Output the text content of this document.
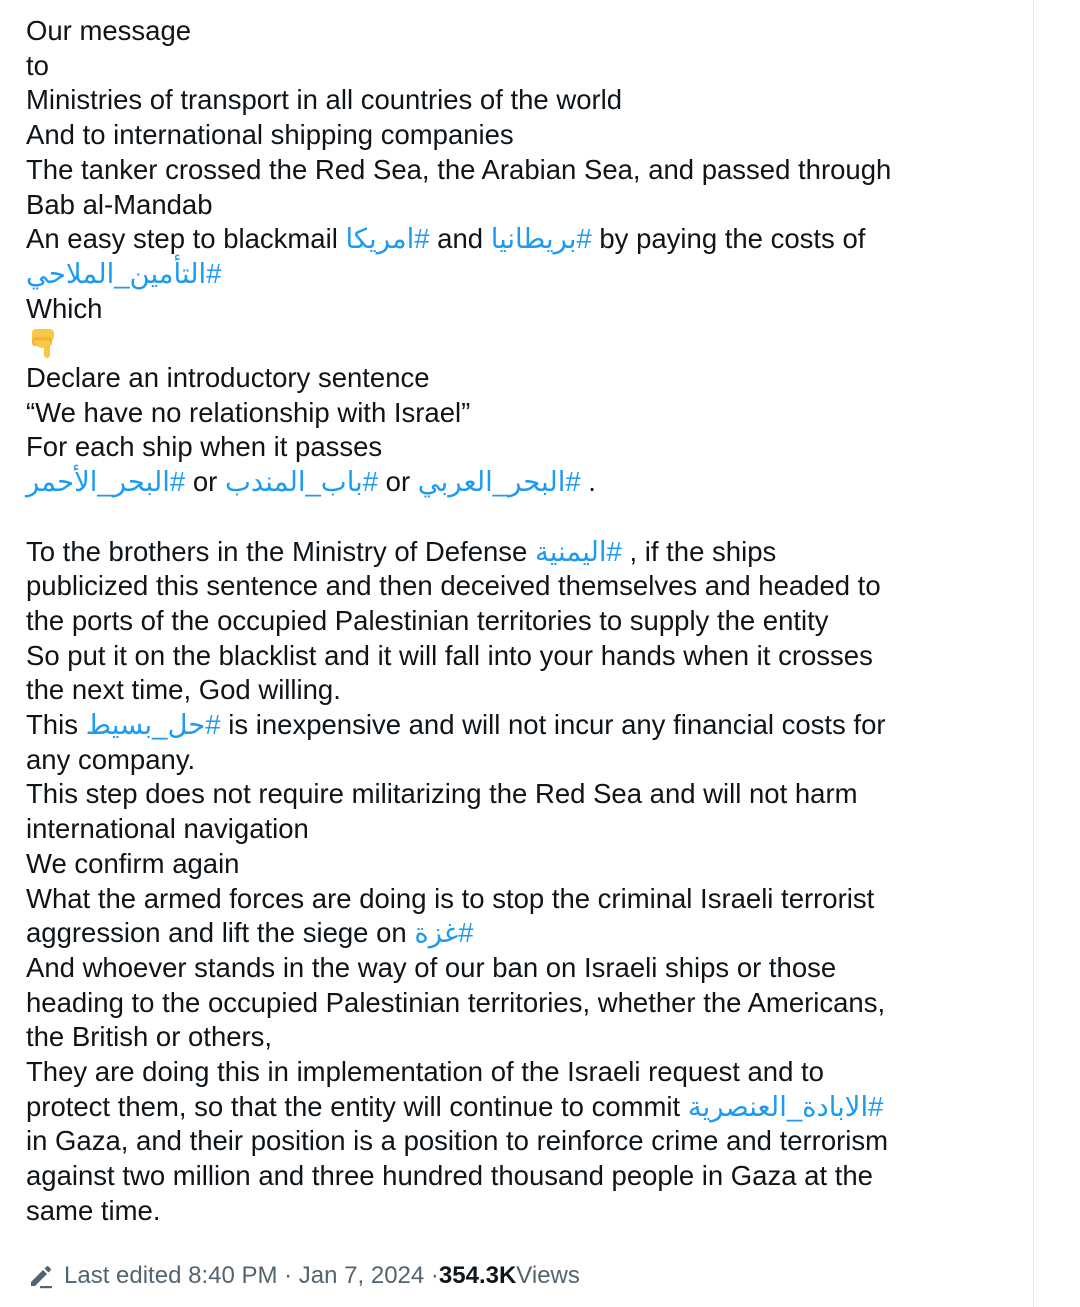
Our message
to
Ministries of transport in all countries of the world
And to international shipping companies
The tanker crossed the Red Sea, the Arabian Sea, and passed through
Bab al-Mandab
An easy step to blackmail #امريكا and #بريطانيا by paying the costs of
#التأمين_الملاحي
Which
Declare an introductory sentence
“We have no relationship with Israel”
For each ship when it passes
#البحر_الأحمر or #باب_المندب or #البحر_العربي .
To the brothers in the Ministry of Defense #اليمنية , if the ships
publicized this sentence and then deceived themselves and headed to
the ports of the occupied Palestinian territories to supply the entity
So put it on the blacklist and it will fall into your hands when it crosses
the next time, God willing.
This #حل_بسيط is inexpensive and will not incur any financial costs for
any company.
This step does not require militarizing the Red Sea and will not harm
international navigation
We confirm again
What the armed forces are doing is to stop the criminal Israeli terrorist
aggression and lift the siege on #غزة
And whoever stands in the way of our ban on Israeli ships or those
heading to the occupied Palestinian territories, whether the Americans,
the British or others,
They are doing this in implementation of the Israeli request and to
protect them, so that the entity will continue to commit #الابادة_العنصرية
in Gaza, and their position is a position to reinforce crime and terrorism
against two million and three hundred thousand people in Gaza at the
same time.
Last edited 8:40 PM · Jan 7, 2024 · 354.3K Views
